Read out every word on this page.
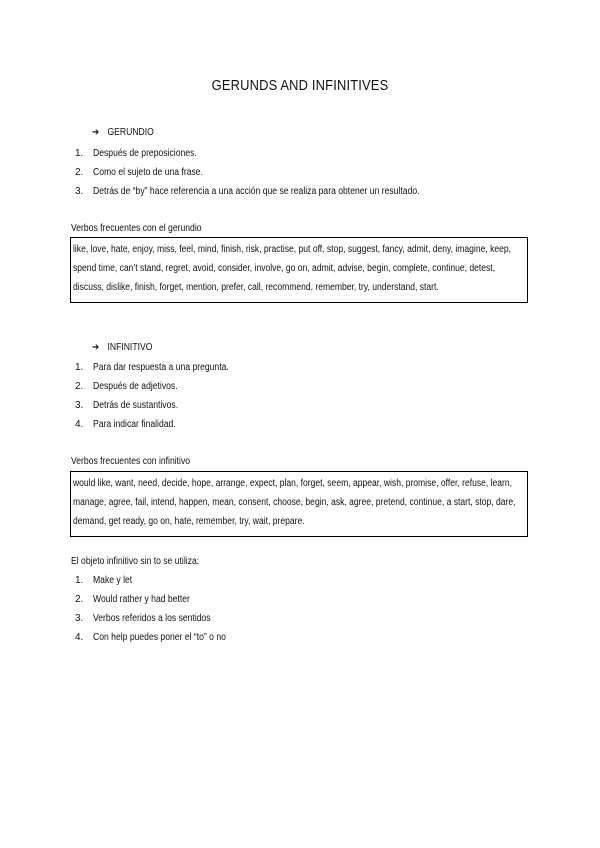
GERUNDS AND INFINITIVES
➔ GERUNDIO
1. Después de preposiciones.
2. Como el sujeto de una frase.
3. Detrás de “by” hace referencia a una acción que se realiza para obtener un resultado.
Verbos frecuentes con el gerundio

like, love, hate, enjoy, miss, feel, mind, finish, risk, practise, put off, stop, suggest, fancy, admit, deny, imagine, keep, spend time, can’t stand, regret, avoid, consider, involve, go on, admit, advise, begin, complete, continue, detest, discuss, dislike, finish, forget, mention, prefer, call, recommend, remember, try, understand, start.

➔ INFINITIVO
1. Para dar respuesta a una pregunta.
2. Después de adjetivos.
3. Detrás de sustantivos.
4. Para indicar finalidad.
Verbos frecuentes con infinitivo

would like, want, need, decide, hope, arrange, expect, plan, forget, seem, appear, wish, promise, offer, refuse, learn, manage, agree, fail, intend, happen, mean, consent, choose, begin, ask, agree, pretend, continue, a start, stop, dare, demand, get ready, go on, hate, remember, try, wait, prepare.

El objeto infinitivo sin to se utiliza:
1. Make y let
2. Would rather y had better
3. Verbos referidos a los sentidos
4. Con help puedes poner el “to” o no
